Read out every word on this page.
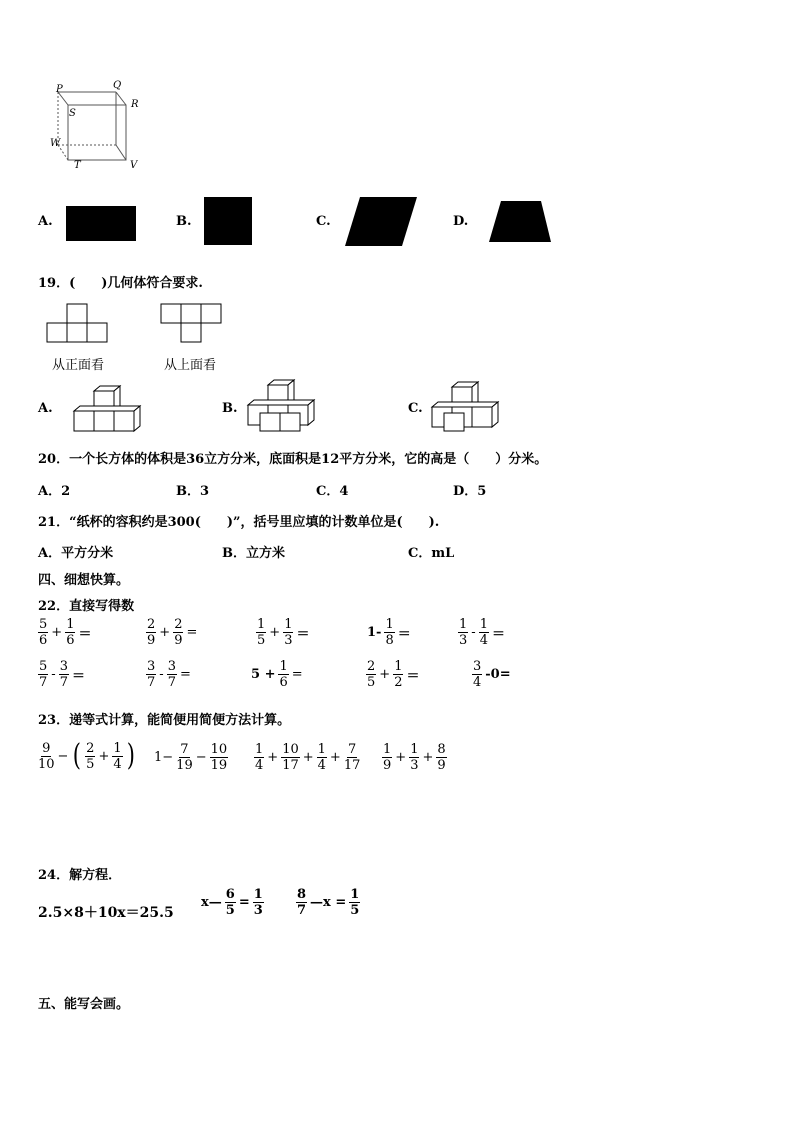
P	Q
R
S
W
T	V
A.	B.	C.	D.
19．(　　)几何体符合要求.
从正面看	从上面看
A.	B.	C.
20．一个长方体的体积是36立方分米，底面积是12平方分米，它的高是（　　）分米。
A．2	B．3	C．4	D．5
21．“纸杯的容积约是300(　　)”，括号里应填的计数单位是(　　).
A．平方分米	B．立方米	C．mL
四、细想快算。
22．直接写得数
$\frac{5}{6} + \frac{1}{6}$ ＝	$\frac{2}{9} + \frac{2}{9}$ =	$\frac{1}{5} + \frac{1}{3}$ ＝	$1- \frac{1}{8}$ ＝	$\frac{1}{3} - \frac{1}{4}$ ＝
$\frac{5}{7} - \frac{3}{7}$ ＝	$\frac{3}{7} - \frac{3}{7}$ =	$5 + \frac{1}{6}$ =	$\frac{2}{5} + \frac{1}{2}$ ＝	$\frac{3}{4} -0=$
23．递等式计算，能简便用简便方法计算。
$\frac{9}{10}$ − ( $\frac{2}{5} + \frac{1}{4}$ ) $1- \frac{7}{19} - \frac{10}{19} \frac{1}{4} + \frac{10}{17} + \frac{1}{4} + \frac{7}{17} \frac{1}{9} + \frac{1}{3} + \frac{8}{9}$
24．解方程．
2.5×8＋10x＝25.5
x— $\frac{6}{5} = \frac{1}{3} \frac{8}{7}$ —x = $\frac{1}{5}$
五、能写会画。
